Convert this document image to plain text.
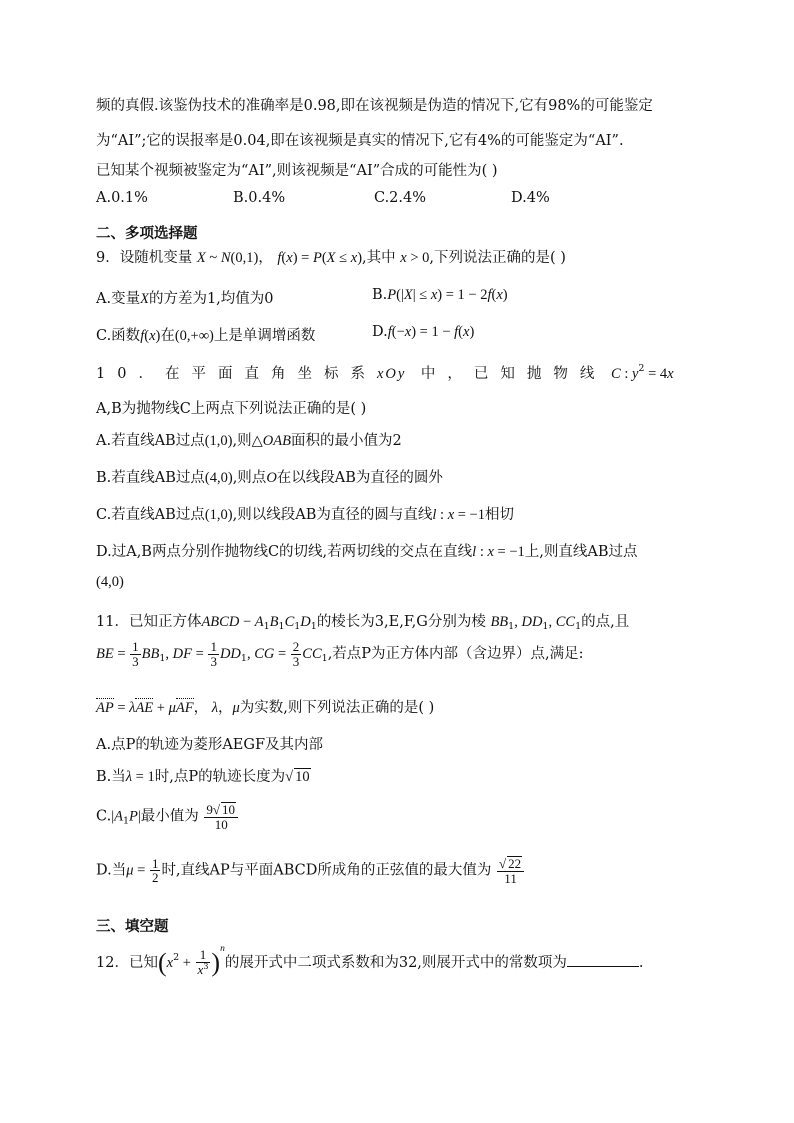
频的真假.该鉴伪技术的准确率是0.98,即在该视频是伪造的情况下,它有98%的可能鉴定
为“AI”;它的误报率是0.04,即在该视频是真实的情况下,它有4%的可能鉴定为“AI”.
已知某个视频被鉴定为“AI”,则该视频是“AI”合成的可能性为( )
A.0.1%	B.0.4%	C.2.4%	D.4%
二、多项选择题
9．设随机变量 X ~ N(0,1)， f(x) = P(X ≤ x),其中 x > 0,下列说法正确的是( )
A.变量X的方差为1,均值为0	B.P(|X| ≤ x) = 1 − 2f(x)
C.函数f(x)在(0,+∞)上是单调增函数	D.f(−x) = 1 − f(x)
10．在平面直角坐标系xOy 中，已知抛物线 C : $y^2 = 4x$
A,B为抛物线C上两点下列说法正确的是( )
A.若直线AB过点(1,0),则△OAB面积的最小值为2
B.若直线AB过点(4,0),则点O在以线段AB为直径的圆外
C.若直线AB过点(1,0),则以线段AB为直径的圆与直线l : x = −1相切
D.过A,B两点分别作抛物线C的切线,若两切线的交点在直线l : x = −1上,则直线AB过点
(4,0)
11．已知正方体ABCD − $A_1B_1C_1D_1$的棱长为3,E,F,G分别为棱 $BB_1$, $DD_1$, $CC_1$的点,且
BE = $\frac{1}{3} BB_1$, DF = $\frac{1}{3} DD_1$, CG = $\frac{2}{3} CC_1$,若点P为正方体内部（含边界）点,满足:
AP = λAE + μAF， λ，μ为实数,则下列说法正确的是( )
A.点P的轨迹为菱形AEGF及其内部
B.当λ = 1时,点P的轨迹长度为√ 10
$C.|A_1P|$最小值为 $\frac{9√ 10}{10}$
D.当$\mu = \frac{1}{2}$ 时,直线AP与平面ABCD所成角的正弦值的最大值为 $\frac{√ 22}{11}$
三、填空题
12．已知$(x^2 + \frac{1}{x^3} )^n$的展开式中二项式系数和为32,则展开式中的常数项为	.
